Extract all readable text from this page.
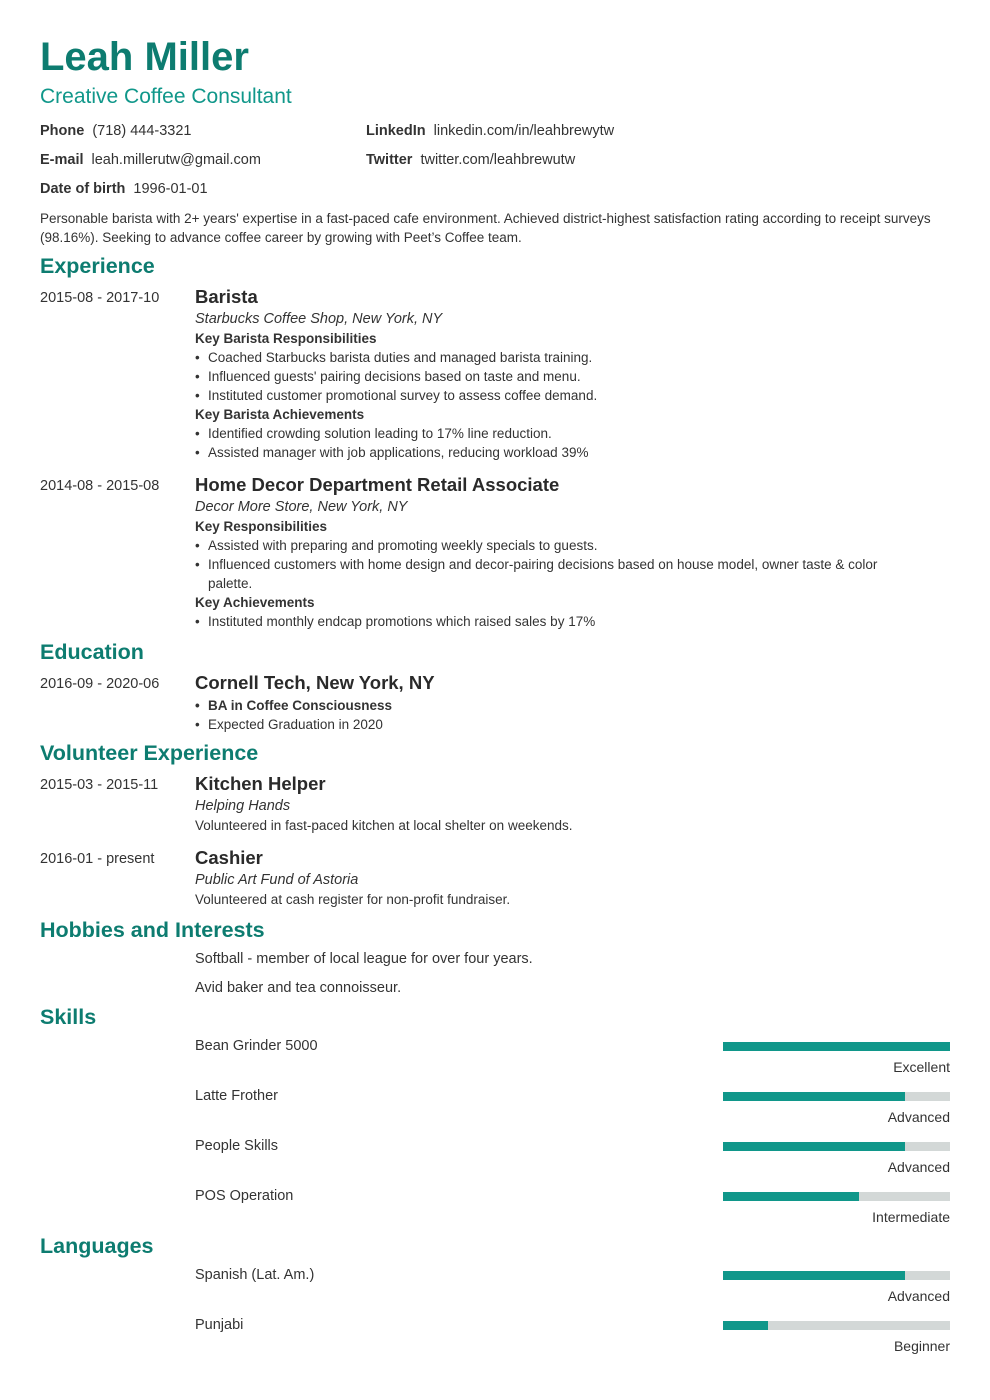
Leah Miller
Creative Coffee Consultant
Phone (718) 444-3321
E-mail leah.millerutw@gmail.com
Date of birth 1996-01-01
LinkedIn linkedin.com/in/leahbrewytw
Twitter twitter.com/leahbrewutw

Personable barista with 2+ years' expertise in a fast-paced cafe environment. Achieved district-highest satisfaction rating according to receipt surveys (98.16%). Seeking to advance coffee career by growing with Peet’s Coffee team.

Experience
2015-08 - 2017-10 Barista
Starbucks Coffee Shop, New York, NY
Key Barista Responsibilities
• Coached Starbucks barista duties and managed barista training.
• Influenced guests' pairing decisions based on taste and menu.
• Instituted customer promotional survey to assess coffee demand.
Key Barista Achievements
• Identified crowding solution leading to 17% line reduction.
• Assisted manager with job applications, reducing workload 39%
2014-08 - 2015-08 Home Decor Department Retail Associate
Decor More Store, New York, NY
Key Responsibilities
• Assisted with preparing and promoting weekly specials to guests.
• Influenced customers with home design and decor-pairing decisions based on house model, owner taste & color palette.
Key Achievements
• Instituted monthly endcap promotions which raised sales by 17%
Education
2016-09 - 2020-06 Cornell Tech, New York, NY
• BA in Coffee Consciousness
• Expected Graduation in 2020
Volunteer Experience
2015-03 - 2015-11 Kitchen Helper
Helping Hands
Volunteered in fast-paced kitchen at local shelter on weekends.
2016-01 - present Cashier
Public Art Fund of Astoria
Volunteered at cash register for non-profit fundraiser.
Hobbies and Interests
Softball - member of local league for over four years.
Avid baker and tea connoisseur.
Skills
Bean Grinder 5000
Excellent
Latte Frother
Advanced
People Skills
Advanced
POS Operation
Intermediate
Languages
Spanish (Lat. Am.)
Advanced
Punjabi
Beginner
